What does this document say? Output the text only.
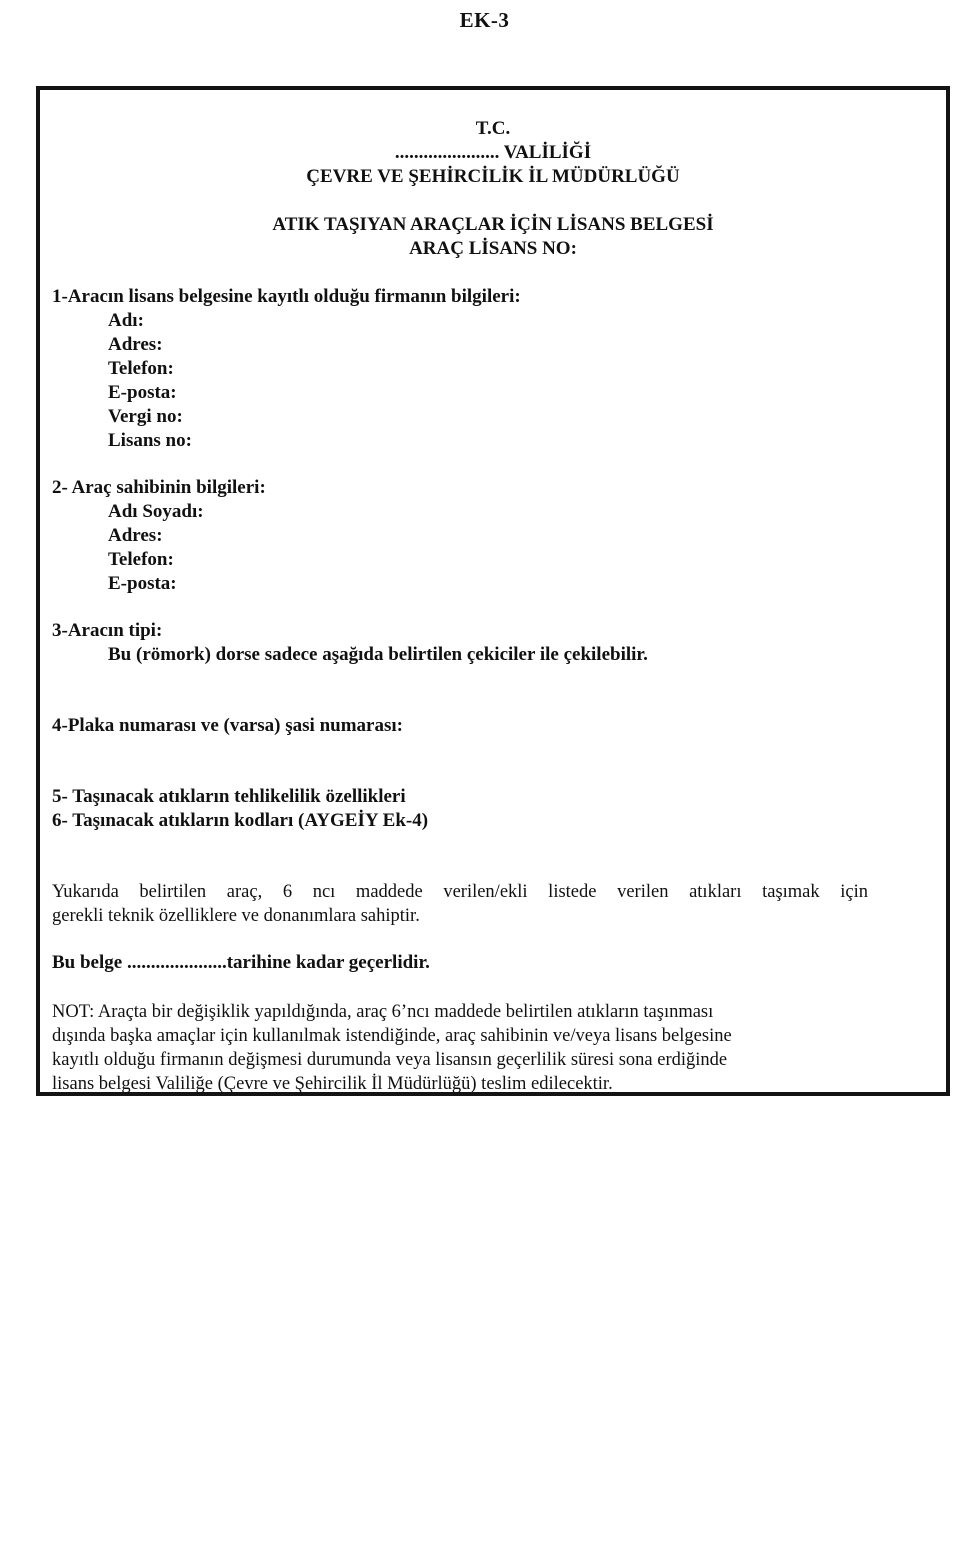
EK-3
T.C.
...................... VALİLİĞİ
ÇEVRE VE ŞEHİRCİLİK İL MÜDÜRLÜĞÜ
ATIK TAŞIYAN ARAÇLAR İÇİN LİSANS BELGESİ
ARAÇ LİSANS NO:
1-Aracın lisans belgesine kayıtlı olduğu firmanın bilgileri:
Adı:
Adres:
Telefon:
E-posta:
Vergi no:
Lisans no:
2- Araç sahibinin bilgileri:
Adı Soyadı:
Adres:
Telefon:
E-posta:
3-Aracın tipi:
Bu (römork) dorse sadece aşağıda belirtilen çekiciler ile çekilebilir.
4-Plaka numarası ve (varsa) şasi numarası:
5- Taşınacak atıkların tehlikelilik özellikleri
6- Taşınacak atıkların kodları (AYGEİY Ek-4)
Yukarıda belirtilen araç, 6 ncı maddede verilen/ekli listede verilen atıkları taşımak için
gerekli teknik özelliklere ve donanımlara sahiptir.
Bu belge .....................tarihine kadar geçerlidir.
NOT: Araçta bir değişiklik yapıldığında, araç 6’ncı maddede belirtilen atıkların taşınması
dışında başka amaçlar için kullanılmak istendiğinde, araç sahibinin ve/veya lisans belgesine
kayıtlı olduğu firmanın değişmesi durumunda veya lisansın geçerlilik süresi sona erdiğinde
lisans belgesi Valiliğe (Çevre ve Şehircilik İl Müdürlüğü) teslim edilecektir.
